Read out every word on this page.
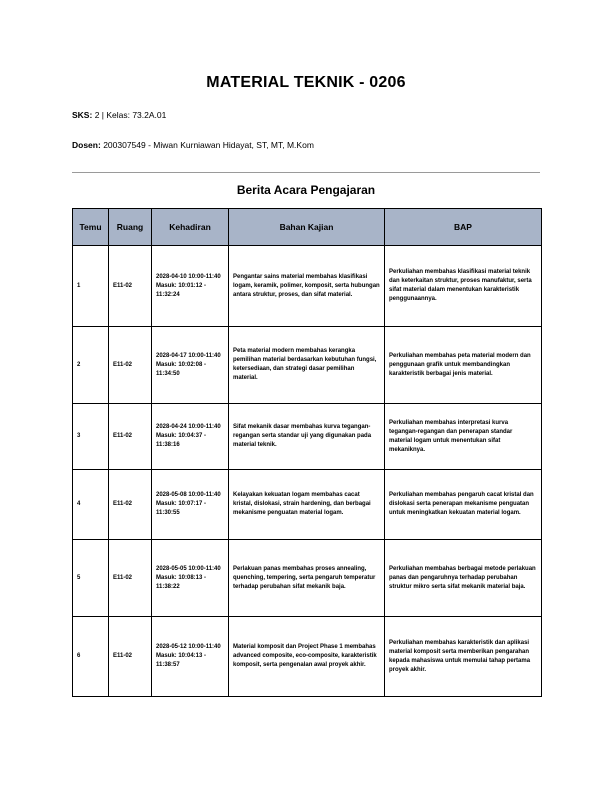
MATERIAL TEKNIK - 0206
SKS: 2 | Kelas: 73.2A.01
Dosen: 200307549 - Miwan Kurniawan Hidayat, ST, MT, M.Kom
Berita Acara Pengajaran
Temu	Ruang	Kehadiran	Bahan Kajian	BAP
1	E11-02	2028-04-10 10:00-11:40 Masuk: 10:01:12 - 11:32:24	Pengantar sains material membahas klasifikasi logam, keramik, polimer, komposit, serta hubungan antara struktur, proses, dan sifat material.	Perkuliahan membahas klasifikasi material teknik dan keterkaitan struktur, proses manufaktur, serta sifat material dalam menentukan karakteristik penggunaannya.
2	E11-02	2028-04-17 10:00-11:40 Masuk: 10:02:08 - 11:34:50	Peta material modern membahas kerangka pemilihan material berdasarkan kebutuhan fungsi, ketersediaan, dan strategi dasar pemilihan material.	Perkuliahan membahas peta material modern dan penggunaan grafik untuk membandingkan karakteristik berbagai jenis material.
3	E11-02	2028-04-24 10:00-11:40 Masuk: 10:04:37 - 11:38:16	Sifat mekanik dasar membahas kurva tegangan-regangan serta standar uji yang digunakan pada material teknik.	Perkuliahan membahas interpretasi kurva tegangan-regangan dan penerapan standar material logam untuk menentukan sifat mekaniknya.
4	E11-02	2028-05-08 10:00-11:40 Masuk: 10:07:17 - 11:30:55	Kelayakan kekuatan logam membahas cacat kristal, dislokasi, strain hardening, dan berbagai mekanisme penguatan material logam.	Perkuliahan membahas pengaruh cacat kristal dan dislokasi serta penerapan mekanisme penguatan untuk meningkatkan kekuatan material logam.
5	E11-02	2028-05-05 10:00-11:40 Masuk: 10:08:13 - 11:38:22	Perlakuan panas membahas proses annealing, quenching, tempering, serta pengaruh temperatur terhadap perubahan sifat mekanik baja.	Perkuliahan membahas berbagai metode perlakuan panas dan pengaruhnya terhadap perubahan struktur mikro serta sifat mekanik material baja.
6	E11-02	2028-05-12 10:00-11:40 Masuk: 10:04:13 - 11:38:57	Material komposit dan Project Phase 1 membahas advanced composite, eco-composite, karakteristik komposit, serta pengenalan awal proyek akhir.	Perkuliahan membahas karakteristik dan aplikasi material komposit serta memberikan pengarahan kepada mahasiswa untuk memulai tahap pertama proyek akhir.
